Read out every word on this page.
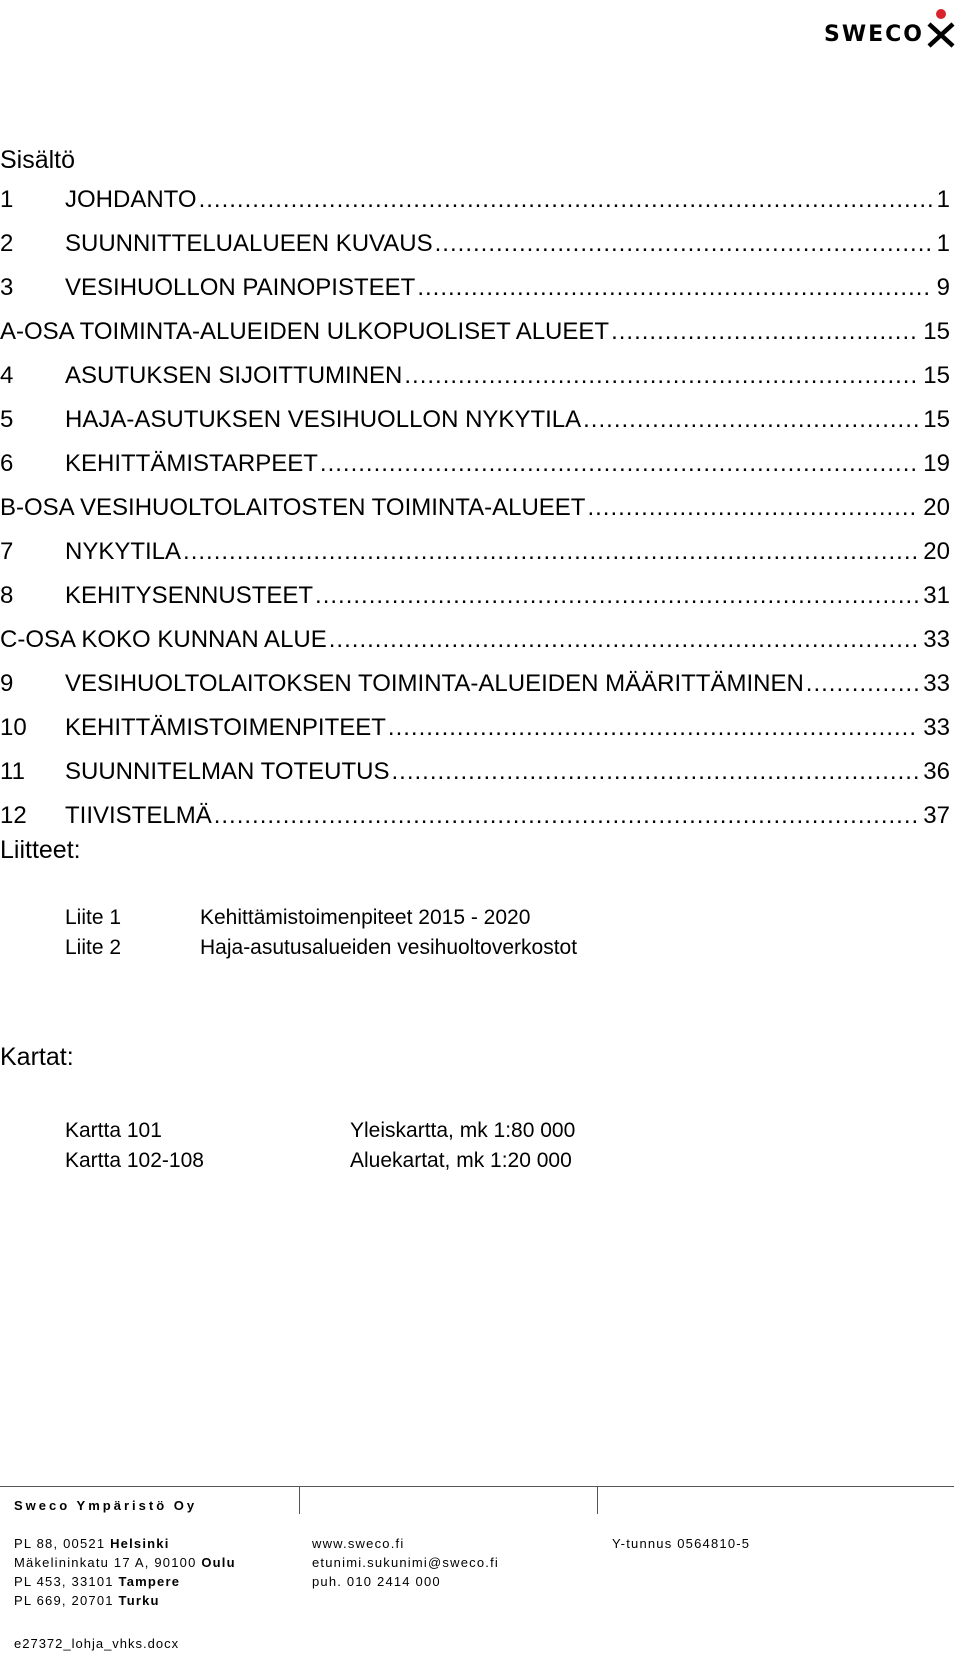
SWECO
Sisältö
1	JOHDANTO .....	1
2	SUUNNITTELUALUEEN KUVAUS .....	1
3	VESIHUOLLON PAINOPISTEET .....	9
A-OSA TOIMINTA-ALUEIDEN ULKOPUOLISET ALUEET .....	15
4	ASUTUKSEN SIJOITTUMINEN .....	15
5	HAJA-ASUTUKSEN VESIHUOLLON NYKYTILA .....	15
6	KEHITTÄMISTARPEET .....	19
B-OSA VESIHUOLTOLAITOSTEN TOIMINTA-ALUEET .....	20
7	NYKYTILA .....	20
8	KEHITYSENNUSTEET .....	31
C-OSA KOKO KUNNAN ALUE .....	33
9	VESIHUOLTOLAITOKSEN TOIMINTA-ALUEIDEN MÄÄRITTÄMINEN .....	33
10	KEHITTÄMISTOIMENPITEET .....	33
11	SUUNNITELMAN TOTEUTUS .....	36
12	TIIVISTELMÄ .....	37
Liitteet:
Liite 1	Kehittämistoimenpiteet 2015 - 2020
Liite 2	Haja-asutusalueiden vesihuoltoverkostot
Kartat:
Kartta 101	Yleiskartta, mk 1:80 000
Kartta 102-108	Aluekartat, mk 1:20 000
Sweco Ympäristö Oy
PL 88, 00521 Helsinki
Mäkelininkatu 17 A, 90100 Oulu
PL 453, 33101 Tampere
PL 669, 20701 Turku
www.sweco.fi
etunimi.sukunimi@sweco.fi
puh. 010 2414 000
Y-tunnus 0564810-5
e27372_lohja_vhks.docx
